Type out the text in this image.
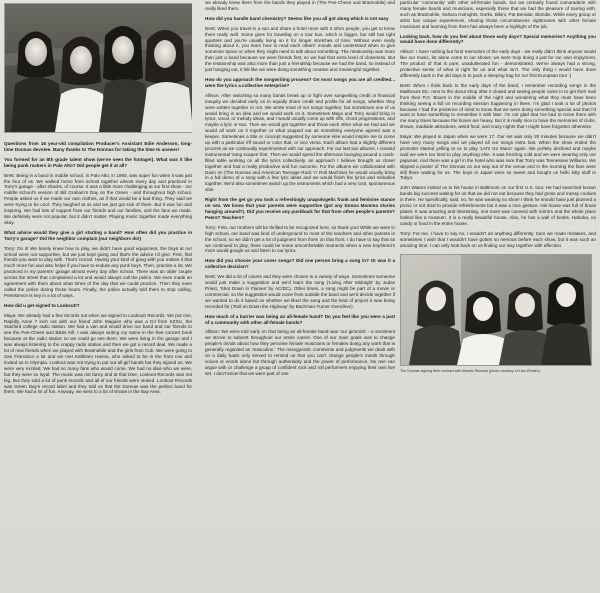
Questions from 16 year-old compilation Producer's Assistant Edie Anderson, long-time Donnas devotee. Many thanks to The Donnas for taking the time to answer!

You formed for an 8th grade talent show (we've seen the footage!). What was it like being punk rockers in Palo Alto? Did people get it at all?

Brett: Being in a band in middle school, in Palo Alto, in 1993, was super fun when it was just the four of us. We walked home from school together almost every day and practiced in Torry's garage - after shacks, of course. It was a little more challenging at our first show - our middle school's version of Bill Graham's Day on the Green - and throughout high school. People asked us if we made our own clothes, as if that would be a bad thing. They said we were trying to be cool. They laughed at us and we just got sick of them. But it was fun and inspiring. We had lots of support from our friends and our families, and the fans we made. We definitely were not popular, but it didn't matter. Playing music together made everything okay.

What advice would they give a girl starting a band? How often did you practice in Torry's garage? Did the neighbor complain (our neighbors do!)

Torry: Do it! We barely knew how to play, we didn't have good equipment, the boys at our school were not supportive, but we just kept going and that's the advice I'd give. First, find friends you want to play with. That's crucial. Having your kind of gang with you makes it that much more fun and also helps if you have to endure any punk boys. Then, practice a lot. We practiced in my parents' garage almost every day after school. There was an older couple across the street that complained a lot and would always call the police. We even made an agreement with them about what times of the day that we could practice. Then they even called the police during those hours. Finally, the police actually told them to stop calling. Persistence is key in a lot of ways.

How did u get signed to Lookout!?

Maya: We already had a few records out when we signed to Lookout! Records. We put one, Rapidly Anne 7 inch out with our friend John Maguire who was a DJ from KZSU, the Stanford college radio station. We had a van and would drive our band and our friends to see the Pee-Chees and Bikini Kill. I was always writing my name in the free concert book because at the radio station so we could go see them. We were living in the garage and I was always listening to the crappy radio station and then we got a record deal. We made a lot of new friends when we played with Bratmobile and the girls from Cub. We were going to San Francisco a lot and we met Kathleen Hanna, who asked to be in the front row and invited us to Olympia. Lookout was not trying to put out all-girl bands but they signed us. We were very excited. We had so many fans who would come. We had no idea who we were, but they were so loyal. The music was not fancy and at that time, Lookout Records was not big. But they sold a lot of punk records and all of our friends were stoked. Lookout Records was Green Day's record label and they told us that the Donnas was the perfect band for them. We had a lot of fun. Anyway, we went to a lot of shows in the Bay Area.

we already knew them from the bands they played in (The Pee-Chees and Bratmobile) and really liked them.

How did you handle band chemistry? Seems like you all got along which is not easy

Brett: When you travel in a van and share a hotel room with 3 other people, you get to know them really well. Some goes for traveling on a tour bus, which is bigger, but still has tight quarters and you're usually living on it for longer stretches of time. Without even really thinking about it, you learn how to read each others' moods and understand when to give someone space or when they might need to talk about something. The relationship was more than just a band because we were friends first, so we had that extra level of closeness. But the relationship was also more than just a friendship because we had the band, so instead of just hanging out, it felt like we were doing something creative and meaningful together.

How do you approach the songwriting process? On most songs you are all credited... were the lyrics a collective enterprise?

Allison: After switching so many bands break up or fight over songwriting credit or financial inequity we decided early on to equally share credit and profits for all songs, whether they were written together or not. We wrote most of our songs together, but sometimes one of us would bring in an idea and we would work on it. Sometimes Maya and Torry would bring in lyrics, vocal, or melody ideas, and I would usually come up with riffs, chord progressions, and maybe a lyric or two. Then we would get together and throw each other what we had and we would all work on it together or what popped out as something everyone agreed was a keeper. Sometimes a title or concept suggested by someone else would inspire me to come up with a particular riff sound or color that, or vice versa. Each album had a slightly different process as we continually experimented with our approach. For our last two albums, I created instrumental 'song scapes' first. Then we would spend the afternoon lounging around a crack-filled table working on all the lyrics collectively, an approach I believe brought us closer together and had a really productive and fun outcome. For the albums we collaborated with Darin on (The Donnas and American Teenage Rock 'n' Roll Machine) he would usually bring in a full demo of a song with a few lyric ideas and we would finish the lyrics and melodies together. We'd also sometimes switch up the instruments which had a very cool, spontaneous vibe.

Right from the get go you took a refreshingly unapologetic frank and feminine stance on sex. We know that your parents were supportive (got any Donna Momma stories hanging around?). Did you receive any pushback for that from other people's parents? Peers? Teachers?

Torry: First, our mothers will be thrilled to be recognized here, so thank you! While we were in high school, our band was kind of underground to most of the teachers and other parents in the school, so we didn't get a lot of judgment from them on that front. I do have to say that as we continued to play, there could be some uncomfortable moments when a new boyfriend's mom would google us and listen to our lyrics.

How did you choose your cover songs? Did one person bring a song in? Or was it a collective decision?

Brett: We did a lot of covers and they were chosen in a variety of ways. Sometimes someone would just make a suggestion and we'd learn the song ('Living After Midnight' by Judas Priest, 'Shot Down in Flames' by AC/DC). Other times, a song might be part of a movie or commercial, so the suggestion would come from outside the band and we'd decide together if we wanted to do it based on whether we liked the song and the kind of project it was being recorded for ('Roll on Down the Highway' by Bachman-Turner Overdrive).

How much of a barrier was being an all-female band? Do you feel like you were a part of a community with other all-female bands?

Allison: We were told early on that being an all-female band was 'our gimmick' - a sentiment we strove to subvert throughout our entire career. One of our main goals was to change people's minds about how they perceive female musicians or females doing any work that is generally regarded as 'masculine.' The misogynistic comments and judgments we dealt with on a daily basis only served to remind us that you can't change people's minds through voices or words alone but through authenticity and the power of performance. No one can argue with or challenge a group of confident rock and roll performers enjoying their own live set. I don't know that we were part of one

particular 'community' with other all-female bands, but we certainly found camaraderie with many female bands and musicians, especially those that we had the pleasure of touring with, such as Bratmobile, Sahara Hotnights, Dorks, Bikini, Pat Benatar, Blondie. While every group or artist has unique experiences, sharing those circumstances nightmares with other female musicians and learning from them has always been a highlight of the job.

Looking back, how do you feel about those early days? Special memories? Anything you would have done differently?

Allison: I have nothing but fond memories of the early days - we really didn't think anyone would like our music, let alone come to our shows: we were truly doing it just for our own enjoyment. The product of that is pure, unadulterated fun - demonstrated. We've always had a strong, protective sense of what is right for us and what isn't. The only thing I would have done differently back in the old days is to pack a sleeping bag for our first European tour :)

Brett: When I think back to the early days of the band, I remember recording songs in the Mailboxes Etc. next to the donut shop after it closed and seeing people come in to get their mail from their P.O. Boxes in the middle of the night and wondering what they must have been thinking seeing a full on recording session happening in there. I'm glad I took a lot of photos because I had the presence of mind to know that we were doing something special and that I'd want to have something to remember it with later. I'm not glad that I've had to move them with me many times because the boxes are heavy. But it is really nice to have the memories of clubs, shows, roadside attractions, weird food, and crazy nights that I might have forgotten otherwise.

Maya: We played in Japan when we were 17. Our set was only 20 minutes because we didn't have very many songs and we played all our songs extra fast. When the show ended the promoter started yelling at us to play 'Let's Go Mano' again. We politely declined and maybe said we were too tired to play anything else. It was freezing cold and we were wearing only our pajamas. And there was a girl in the hotel who was sure that Torry was Tennessee Williams. We slipped a poster of The Donnas on our way out of the venue and in the morning the fans were still there waiting for us. The boys in Japan were so sweet and bought us hello kitty stuff in Tokyo.

John Waters invited us to his house in Baltimore on our first U.S. tour. He had searched known bands big success waiting for us that we did not eat because they had gross and messy cookies in there. He specifically, said, no, he was wearing no shoe! I think he should have just planned a picnic or not tried to provide refreshments but it was a nice gesture. His house was full of brass plates. It was amazing and interesting, one room was covered with mirrors and the whole place looked like a museum. It is a really beautiful house. Also, he has a wall of books. Hahaha, no candy or food in the entire house.

Torry: For me, I have to say no, I wouldn't do anything differently. Sure we made mistakes, and sometimes I wish that I wouldn't have gotten so nervous before each show, but it was such an amazing time. I can only look back on us finding our way together with affection.

The Donnas signing their contract with Atlantic Records (photo courtesy of Lisa Whalen)
